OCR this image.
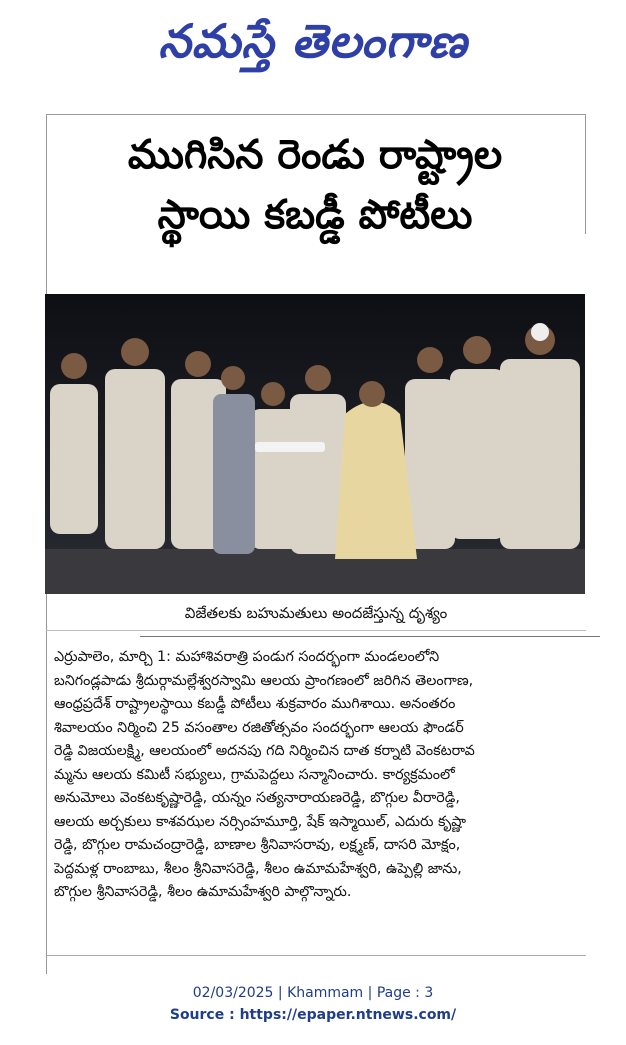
నమస్తే తెలంగాణ
ముగిసిన రెండు రాష్ట్రాల
స్థాయి కబడ్డీ పోటీలు
విజేతలకు బహుమతులు అందజేస్తున్న దృశ్యం
ఎర్రుపాలెం, మార్చి 1: మహాశివరాత్రి పండుగ సందర్భంగా మండలంలోని
బనిగండ్లపాడు శ్రీదుర్గామల్లేశ్వరస్వామి ఆలయ ప్రాంగణంలో జరిగిన తెలంగాణ,
ఆంధ్రప్రదేశ్ రాష్ట్రాలస్థాయి కబడ్డీ పోటీలు శుక్రవారం ముగిశాయి. అనంతరం
శివాలయం నిర్మించి 25 వసంతాల రజితోత్సవం సందర్భంగా ఆలయ ఫౌండర్
రెడ్డి విజయలక్ష్మి, ఆలయంలో అదనపు గది నిర్మించిన దాత కర్నాటి వెంకటరావ
మ్మను ఆలయ కమిటీ సభ్యులు, గ్రామపెద్దలు సన్మానించారు. కార్యక్రమంలో
అనుమోలు వెంకటకృష్ణారెడ్డి, యన్నం సత్యనారాయణరెడ్డి, బొగ్గుల వీరారెడ్డి,
ఆలయ అర్చకులు కాశవఝల నర్సింహమూర్తి, షేక్ ఇస్మాయిల్, ఎదురు కృష్ణా
రెడ్డి, బొగ్గుల రామచంద్రారెడ్డి, బాణాల శ్రీనివాసరావు, లక్ష్మణ్, దాసరి మోక్షం,
పెద్దమళ్ల రాంబాబు, శీలం శ్రీనివాసరెడ్డి, శీలం ఉమామహేశ్వరి, ఉప్పెల్లి జాను,
బొగ్గుల శ్రీనివాసరెడ్డి, శీలం ఉమామహేశ్వరి పాల్గొన్నారు.
02/03/2025 | Khammam | Page : 3
Source : https://epaper.ntnews.com/
